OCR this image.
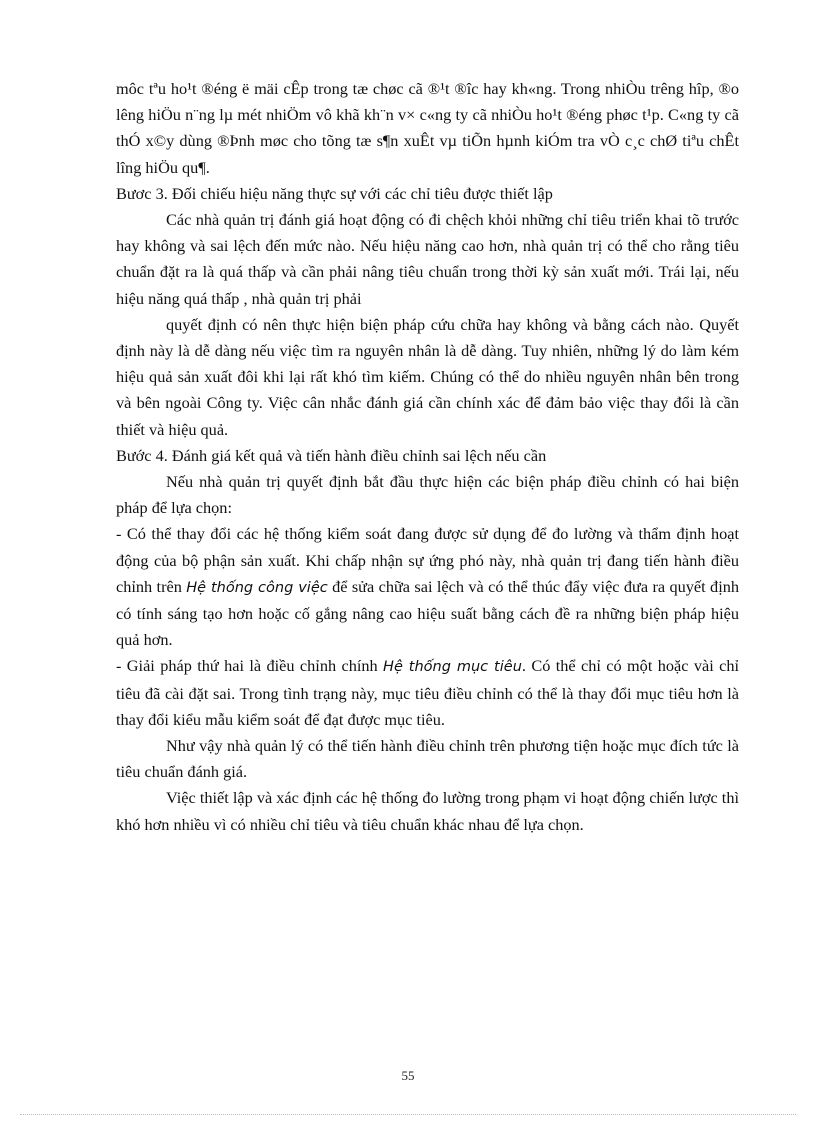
môc tªu ho¹t ®éng ë mäi cÊp trong tæ chøc cã ®¹t ®îc hay kh«ng. Trong nhiÒu trêng hîp, ®o lêng hiÖu n¨ng lµ mét nhiÖm vô khã kh¨n v× c«ng ty cã nhiÒu ho¹t ®éng phøc t¹p. C«ng ty cã thÓ x©y dùng ®Þnh møc cho tõng tæ s¶n xuÊt vµ tiÕn hµnh kiÓm tra vÒ c¸c chØ tiªu chÊt lîng hiÖu qu¶.

Bươc 3. Đối chiếu hiệu năng thực sự với các chỉ tiêu được thiết lập

Các nhà quản trị đánh giá hoạt động có đi chệch khỏi những chỉ tiêu triển khai tõ trước hay không và sai lệch đến mức nào. Nếu hiệu năng cao hơn, nhà quản trị có thể cho rằng tiêu chuẩn đặt ra là quá thấp và cần phải nâng tiêu chuẩn trong thời kỳ sản xuất mới. Trái lại, nếu hiệu năng quá thấp , nhà quản trị phải

quyết định có nên thực hiện biện pháp cứu chữa hay không và bằng cách nào. Quyết định này là dễ dàng nếu việc tìm ra nguyên nhân là dễ dàng. Tuy nhiên, những lý do làm kém hiệu quả sản xuất đôi khi lại rất khó tìm kiếm. Chúng có thể do nhiều nguyên nhân bên trong và bên ngoài Công ty. Việc cân nhắc đánh giá cần chính xác để đảm bảo việc thay đổi là cần thiết và hiệu quả.

Bước 4. Đánh giá kết quả và tiến hành điều chỉnh sai lệch nếu cần

Nếu nhà quản trị quyết định bắt đầu thực hiện các biện pháp điều chỉnh có hai biện pháp để lựa chọn:

- Có thể thay đổi các hệ thống kiểm soát đang được sử dụng để đo lường và thẩm định hoạt động của bộ phận sản xuất. Khi chấp nhận sự ứng phó này, nhà quản trị đang tiến hành điều chỉnh trên Hệ thống công việc để sửa chữa sai lệch và có thể thúc đẩy việc đưa ra quyết định có tính sáng tạo hơn hoặc cố gắng nâng cao hiệu suất bằng cách đề ra những biện pháp hiệu quả hơn.

- Giải pháp thứ hai là điều chỉnh chính Hệ thống mục tiêu. Có thể chỉ có một hoặc vài chỉ tiêu đã cài đặt sai. Trong tình trạng này, mục tiêu điều chỉnh có thể là thay đổi mục tiêu hơn là thay đổi kiểu mẫu kiểm soát để đạt được mục tiêu.

Như vậy nhà quản lý có thể tiến hành điều chỉnh trên phương tiện hoặc mục đích tức là tiêu chuẩn đánh giá.

Việc thiết lập và xác định các hệ thống đo lường trong phạm vi hoạt động chiến lược thì khó hơn nhiều vì có nhiều chỉ tiêu và tiêu chuẩn khác nhau để lựa chọn.

55
